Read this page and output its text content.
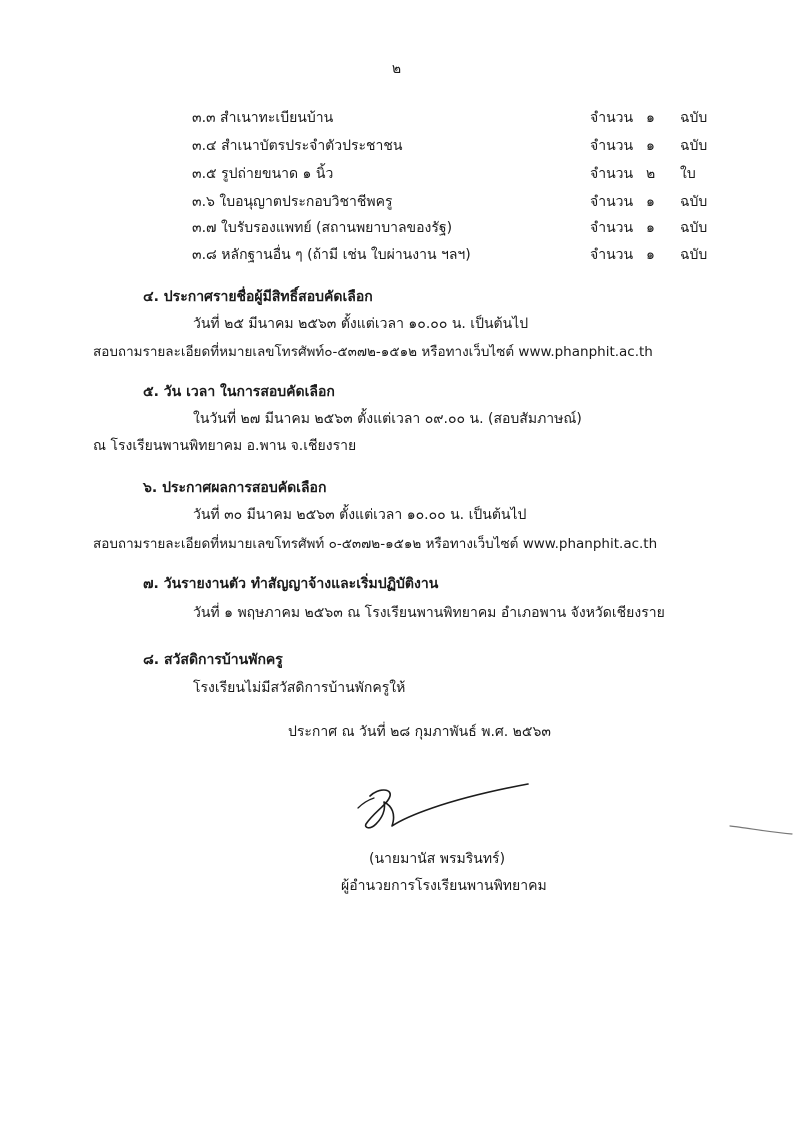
๒
๓.๓ สำเนาทะเบียนบ้าน	จำนวน ๑ ฉบับ
๓.๔ สำเนาบัตรประจำตัวประชาชน	จำนวน ๑ ฉบับ
๓.๕ รูปถ่ายขนาด ๑ นิ้ว	จำนวน ๒ ใบ
๓.๖ ใบอนุญาตประกอบวิชาชีพครู	จำนวน ๑ ฉบับ
๓.๗ ใบรับรองแพทย์ (สถานพยาบาลของรัฐ)	จำนวน ๑ ฉบับ
๓.๘ หลักฐานอื่น ๆ (ถ้ามี เช่น ใบผ่านงาน ฯลฯ)	จำนวน ๑ ฉบับ
๔. ประกาศรายชื่อผู้มีสิทธิ์สอบคัดเลือก
วันที่ ๒๕ มีนาคม ๒๕๖๓ ตั้งแต่เวลา ๑๐.๐๐ น. เป็นต้นไป
สอบถามรายละเอียดที่หมายเลขโทรศัพท์๐-๕๓๗๒-๑๕๑๒ หรือทางเว็บไซต์ www.phanphit.ac.th
๕. วัน เวลา ในการสอบคัดเลือก
ในวันที่ ๒๗ มีนาคม ๒๕๖๓ ตั้งแต่เวลา ๐๙.๐๐ น. (สอบสัมภาษณ์)
ณ โรงเรียนพานพิทยาคม อ.พาน จ.เชียงราย
๖. ประกาศผลการสอบคัดเลือก
วันที่ ๓๐ มีนาคม ๒๕๖๓ ตั้งแต่เวลา ๑๐.๐๐ น. เป็นต้นไป
สอบถามรายละเอียดที่หมายเลขโทรศัพท์ ๐-๕๓๗๒-๑๕๑๒ หรือทางเว็บไซต์ www.phanphit.ac.th
๗. วันรายงานตัว ทำสัญญาจ้างและเริ่มปฏิบัติงาน
วันที่ ๑ พฤษภาคม ๒๕๖๓ ณ โรงเรียนพานพิทยาคม อำเภอพาน จังหวัดเชียงราย
๘. สวัสดิการบ้านพักครู
โรงเรียนไม่มีสวัสดิการบ้านพักครูให้
ประกาศ ณ วันที่ ๒๘ กุมภาพันธ์ พ.ศ. ๒๕๖๓
(นายมานัส พรมรินทร์)
ผู้อำนวยการโรงเรียนพานพิทยาคม
